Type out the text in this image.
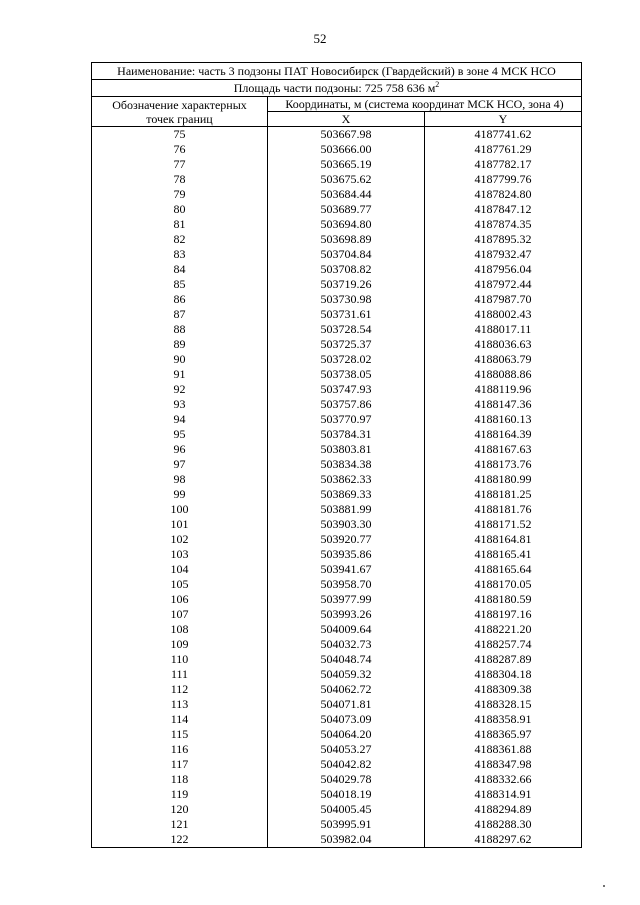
52
Наименование: часть 3 подзоны ПАТ Новосибирск (Гвардейский) в зоне 4 МСК НСО		
Площадь части подзоны: 725 758 636 $м^2$

Обозначение характерных
точек границ	Координаты, м (система координат МСК НСО, зона 4)	
	X	Y
75	503667.98	4187741.62
76	503666.00	4187761.29
77	503665.19	4187782.17
78	503675.62	4187799.76
79	503684.44	4187824.80
80	503689.77	4187847.12
81	503694.80	4187874.35
82	503698.89	4187895.32
83	503704.84	4187932.47
84	503708.82	4187956.04
85	503719.26	4187972.44
86	503730.98	4187987.70
87	503731.61	4188002.43
88	503728.54	4188017.11
89	503725.37	4188036.63
90	503728.02	4188063.79
91	503738.05	4188088.86
92	503747.93	4188119.96
93	503757.86	4188147.36
94	503770.97	4188160.13
95	503784.31	4188164.39
96	503803.81	4188167.63
97	503834.38	4188173.76
98	503862.33	4188180.99
99	503869.33	4188181.25
100	503881.99	4188181.76
101	503903.30	4188171.52
102	503920.77	4188164.81
103	503935.86	4188165.41
104	503941.67	4188165.64
105	503958.70	4188170.05
106	503977.99	4188180.59
107	503993.26	4188197.16
108	504009.64	4188221.20
109	504032.73	4188257.74
110	504048.74	4188287.89
111	504059.32	4188304.18
112	504062.72	4188309.38
113	504071.81	4188328.15
114	504073.09	4188358.91
115	504064.20	4188365.97
116	504053.27	4188361.88
117	504042.82	4188347.98
118	504029.78	4188332.66
119	504018.19	4188314.91
120	504005.45	4188294.89
121	503995.91	4188288.30
122	503982.04	4188297.62
